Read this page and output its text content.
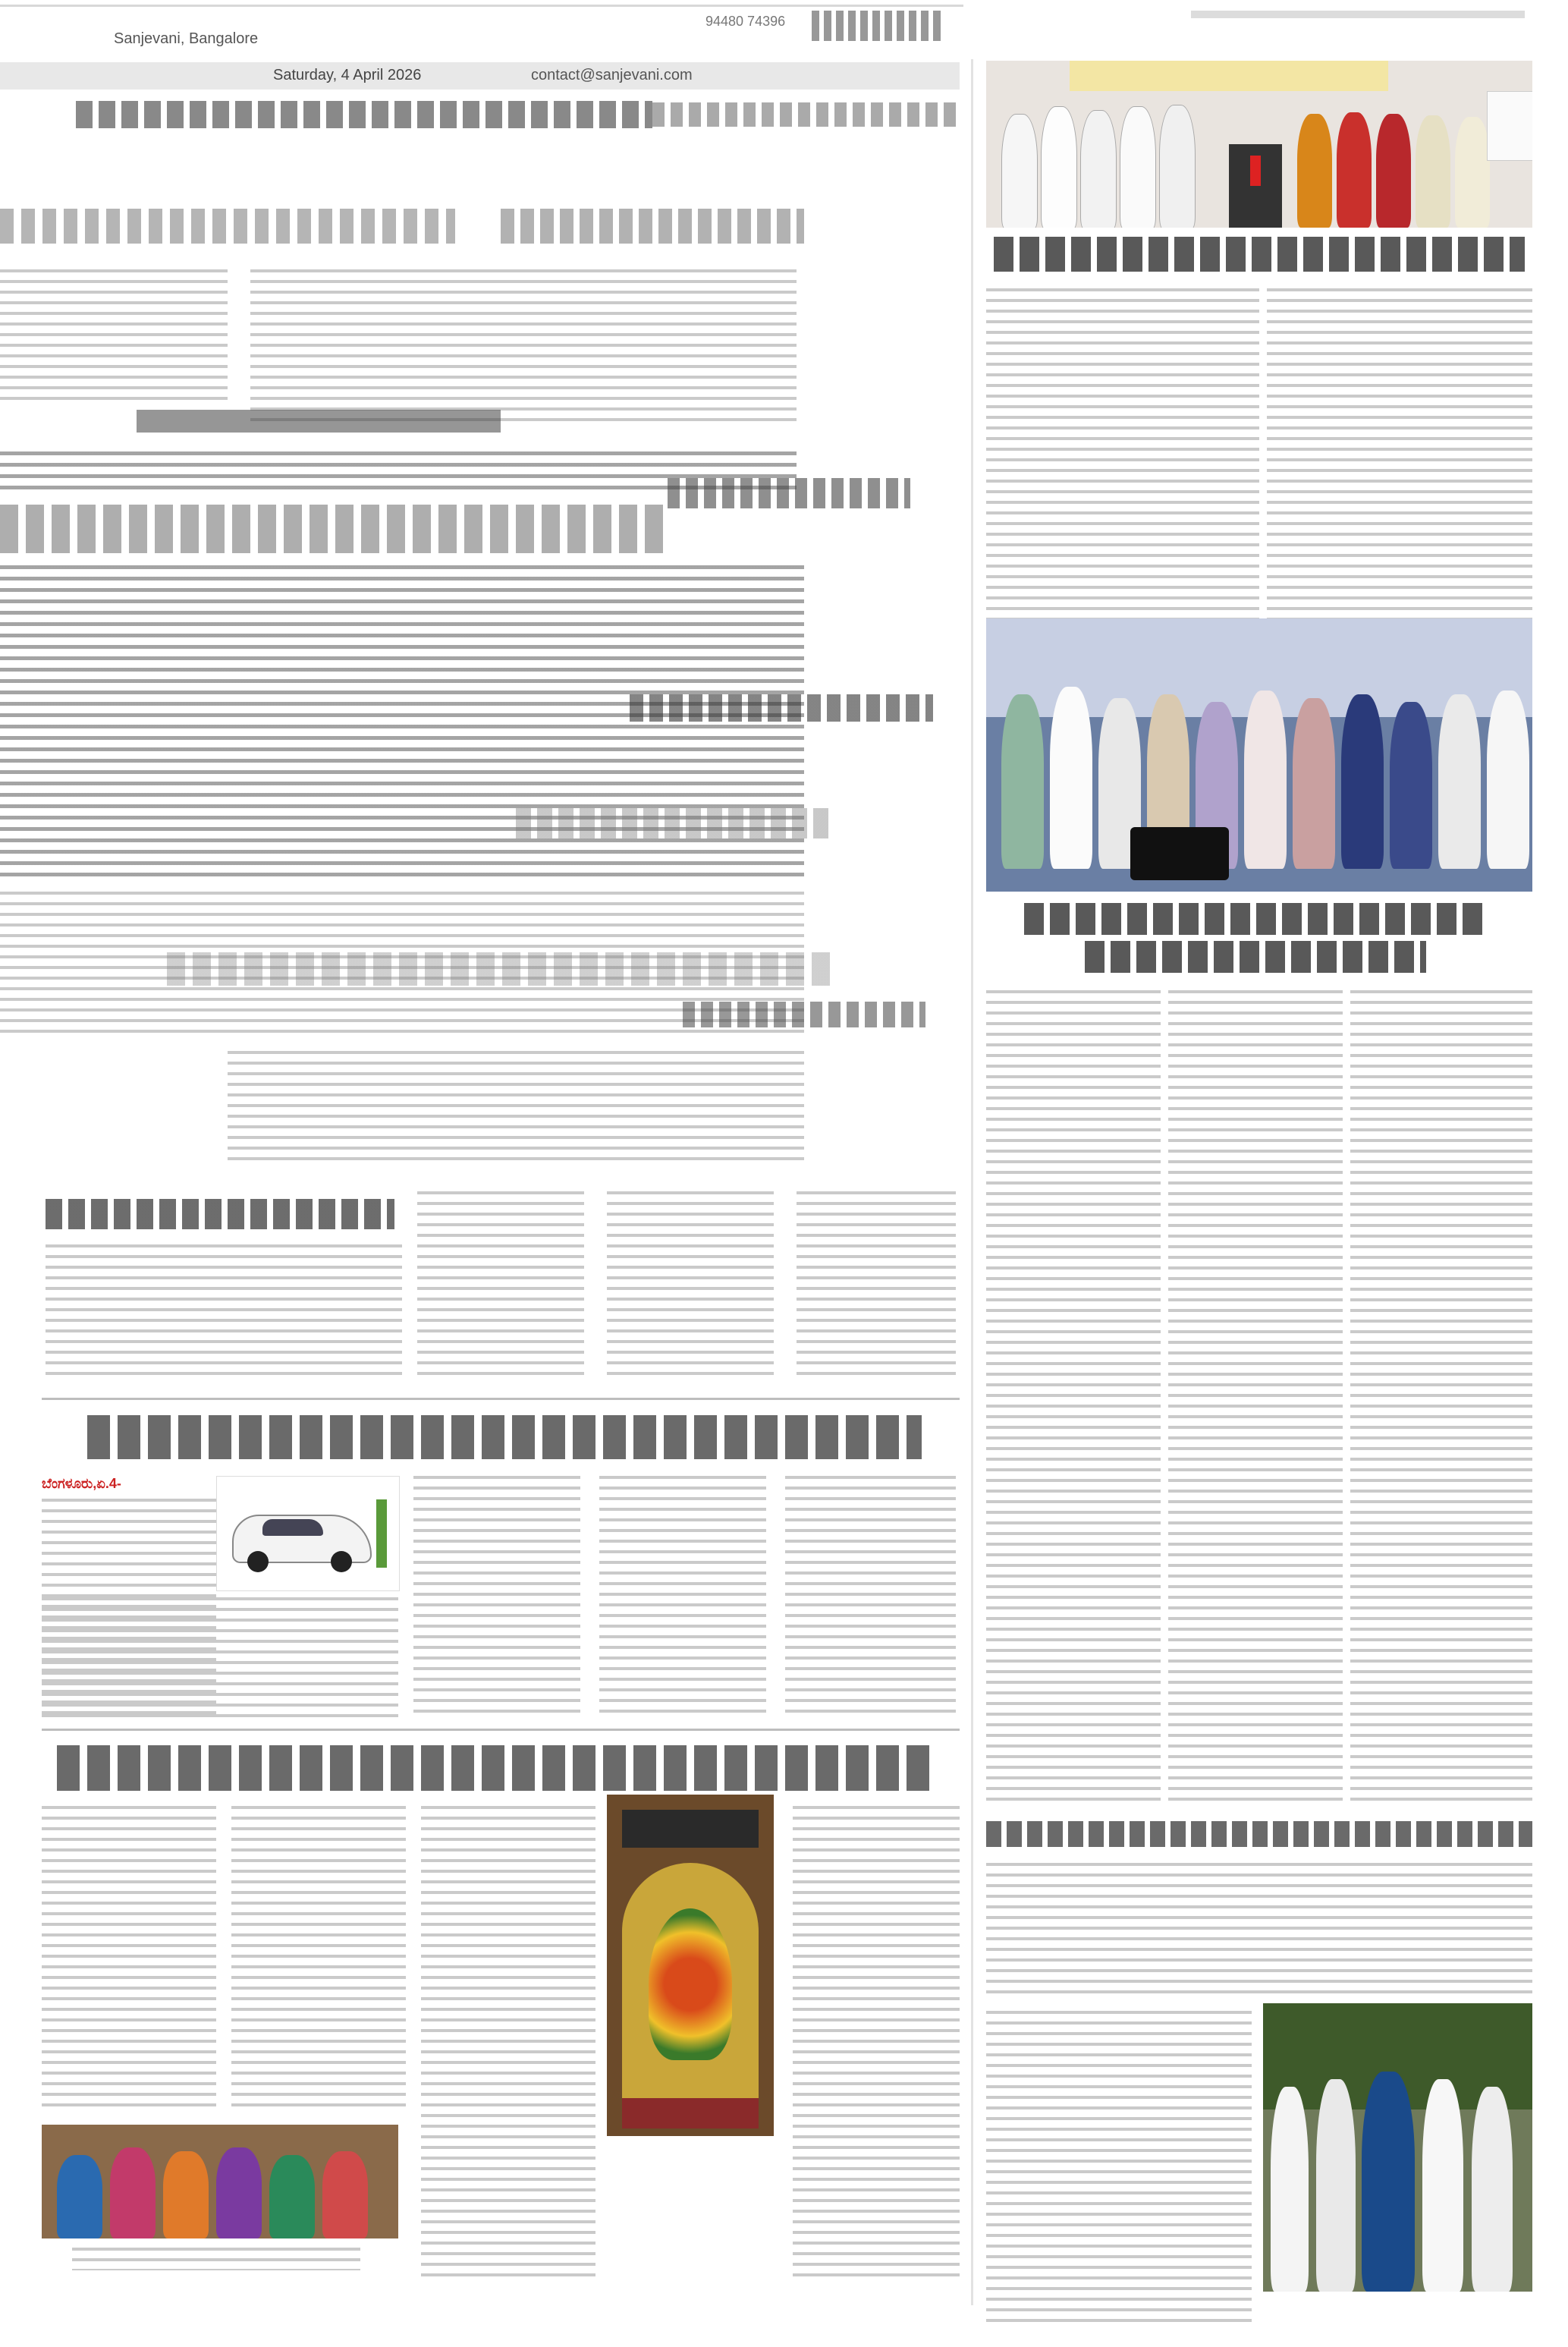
Sanjevani, Bangalore
94480 74396
Saturday, 4 April 2026	contact@sanjevani.com
ಬೆಂಗಳೂರು,ಏ.4-
